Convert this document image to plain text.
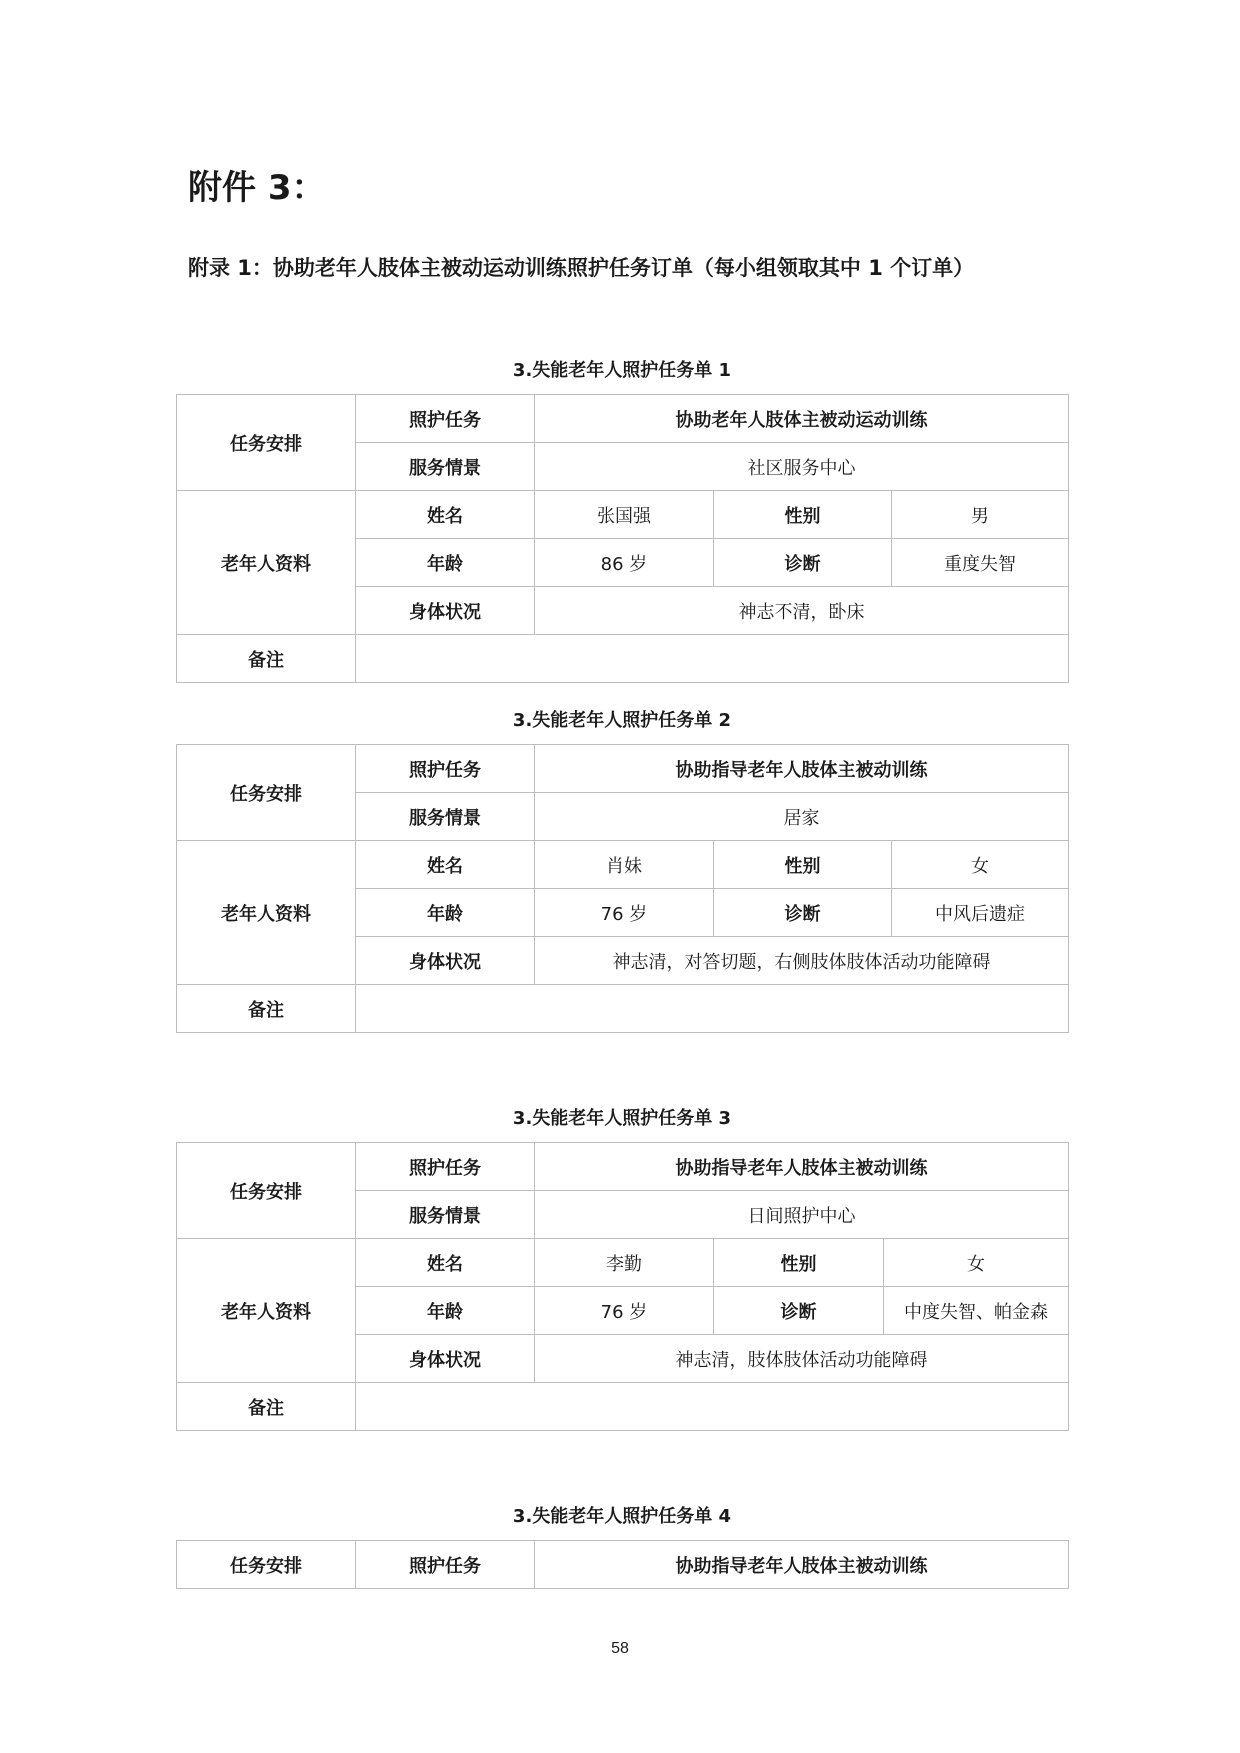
附件 3：
附录 1：协助老年人肢体主被动运动训练照护任务订单（每小组领取其中 1 个订单）
3.失能老年人照护任务单 1
任务安排	照护任务	协助老年人肢体主被动运动训练		
	服务情景	社区服务中心		
老年人资料	姓名	张国强	性别	男
	年龄	86 岁	诊断	重度失智
	身体状况	神志不清，卧床		
备注				
3.失能老年人照护任务单 2
任务安排	照护任务	协助指导老年人肢体主被动训练		
	服务情景	居家		
老年人资料	姓名	肖妹	性别	女
	年龄	76 岁	诊断	中风后遗症
	身体状况	神志清，对答切题，右侧肢体肢体活动功能障碍		
备注				
3.失能老年人照护任务单 3
任务安排	照护任务	协助指导老年人肢体主被动训练		
	服务情景	日间照护中心		
老年人资料	姓名	李勤	性别	女
	年龄	76 岁	诊断	中度失智、帕金森
	身体状况	神志清，肢体肢体活动功能障碍		
备注				
3.失能老年人照护任务单 4
任务安排	照护任务	协助指导老年人肢体主被动训练
58
